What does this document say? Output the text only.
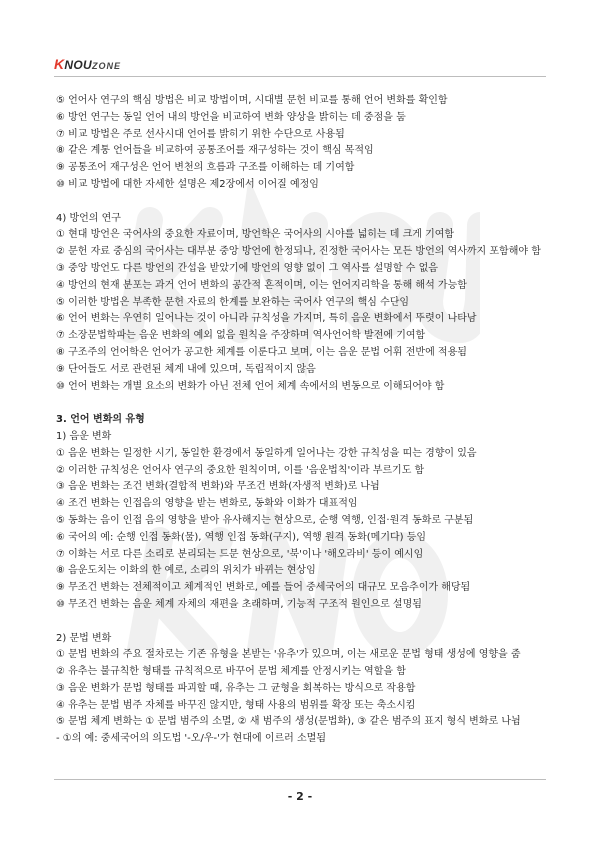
KNOUZONE
⑤ 언어사 연구의 핵심 방법은 비교 방법이며, 시대별 문헌 비교를 통해 언어 변화를 확인함
⑥ 방언 연구는 동일 언어 내의 방언을 비교하여 변화 양상을 밝히는 데 중점을 둠
⑦ 비교 방법은 주로 선사시대 언어를 밝히기 위한 수단으로 사용됨
⑧ 같은 계통 언어들을 비교하여 공통조어를 재구성하는 것이 핵심 목적임
⑨ 공통조어 재구성은 언어 변천의 흐름과 구조를 이해하는 데 기여함
⑩ 비교 방법에 대한 자세한 설명은 제2장에서 이어질 예정임
4) 방언의 연구
① 현대 방언은 국어사의 중요한 자료이며, 방언학은 국어사의 시야를 넓히는 데 크게 기여함
② 문헌 자료 중심의 국어사는 대부분 중앙 방언에 한정되나, 진정한 국어사는 모든 방언의 역사까지 포함해야 함
③ 중앙 방언도 다른 방언의 간섭을 받았기에 방언의 영향 없이 그 역사를 설명할 수 없음
④ 방언의 현재 분포는 과거 언어 변화의 공간적 흔적이며, 이는 언어지리학을 통해 해석 가능함
⑤ 이러한 방법은 부족한 문헌 자료의 한계를 보완하는 국어사 연구의 핵심 수단임
⑥ 언어 변화는 우연히 일어나는 것이 아니라 규칙성을 가지며, 특히 음운 변화에서 뚜렷이 나타남
⑦ 소장문법학파는 음운 변화의 예외 없음 원칙을 주장하며 역사언어학 발전에 기여함
⑧ 구조주의 언어학은 언어가 공고한 체계를 이룬다고 보며, 이는 음운 문법 어휘 전반에 적용됨
⑨ 단어들도 서로 관련된 체계 내에 있으며, 독립적이지 않음
⑩ 언어 변화는 개별 요소의 변화가 아닌 전체 언어 체계 속에서의 변동으로 이해되어야 함
3. 언어 변화의 유형
1) 음운 변화
① 음운 변화는 일정한 시기, 동일한 환경에서 동일하게 일어나는 강한 규칙성을 띠는 경향이 있음
② 이러한 규칙성은 언어사 연구의 중요한 원칙이며, 이를 '음운법칙'이라 부르기도 함
③ 음운 변화는 조건 변화(결합적 변화)와 무조건 변화(자생적 변화)로 나뉨
④ 조건 변화는 인접음의 영향을 받는 변화로, 동화와 이화가 대표적임
⑤ 동화는 음이 인접 음의 영향을 받아 유사해지는 현상으로, 순행 역행, 인접·원격 동화로 구분됨
⑥ 국어의 예: 순행 인접 동화(물), 역행 인접 동화(구지), 역행 원격 동화(메기다) 등임
⑦ 이화는 서로 다른 소리로 분리되는 드문 현상으로, '북'이나 '해오라비' 등이 예시임
⑧ 음운도치는 이화의 한 예로, 소리의 위치가 바뀌는 현상임
⑨ 무조건 변화는 전체적이고 체계적인 변화로, 예를 들어 중세국어의 대규모 모음추이가 해당됨
⑩ 무조건 변화는 음운 체계 자체의 재편을 초래하며, 기능적 구조적 원인으로 설명됨
2) 문법 변화
① 문법 변화의 주요 절차로는 기존 유형을 본받는 '유추'가 있으며, 이는 새로운 문법 형태 생성에 영향을 줌
② 유추는 불규칙한 형태를 규칙적으로 바꾸어 문법 체계를 안정시키는 역할을 함
③ 음운 변화가 문법 형태를 파괴할 때, 유추는 그 균형을 회복하는 방식으로 작용함
④ 유추는 문법 범주 자체를 바꾸진 않지만, 형태 사용의 범위를 확장 또는 축소시킴
⑤ 문법 체계 변화는 ① 문법 범주의 소멸, ② 새 범주의 생성(문법화), ③ 같은 범주의 표지 형식 변화로 나뉨
- ①의 예: 중세국어의 의도법 '-오/우-'가 현대에 이르러 소멸됨
- 2 -
